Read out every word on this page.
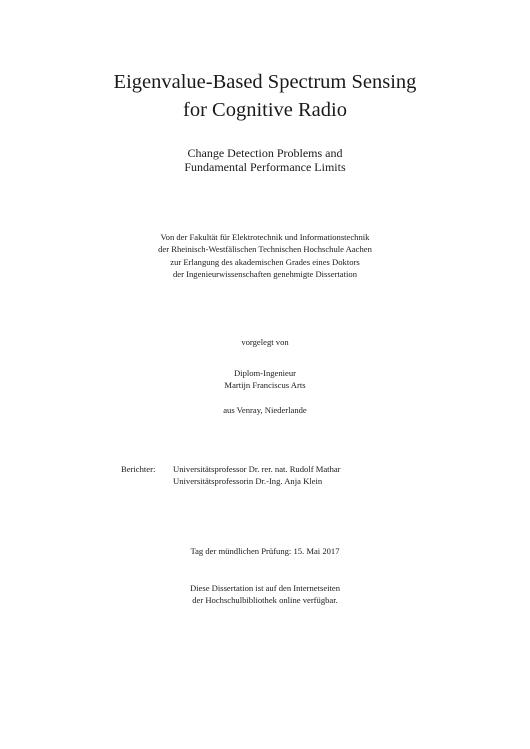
Eigenvalue-Based Spectrum Sensing
for Cognitive Radio
Change Detection Problems and
Fundamental Performance Limits
Von der Fakultät für Elektrotechnik und Informationstechnik
der Rheinisch-Westfälischen Technischen Hochschule Aachen
zur Erlangung des akademischen Grades eines Doktors
der Ingenieurwissenschaften genehmigte Dissertation
vorgelegt von
Diplom-Ingenieur
Martijn Franciscus Arts
aus Venray, Niederlande
Berichter:	Universitätsprofessor Dr. rer. nat. Rudolf Mathar
Universitätsprofessorin Dr.-Ing. Anja Klein
Tag der mündlichen Prüfung: 15. Mai 2017
Diese Dissertation ist auf den Internetseiten
der Hochschulbibliothek online verfügbar.
